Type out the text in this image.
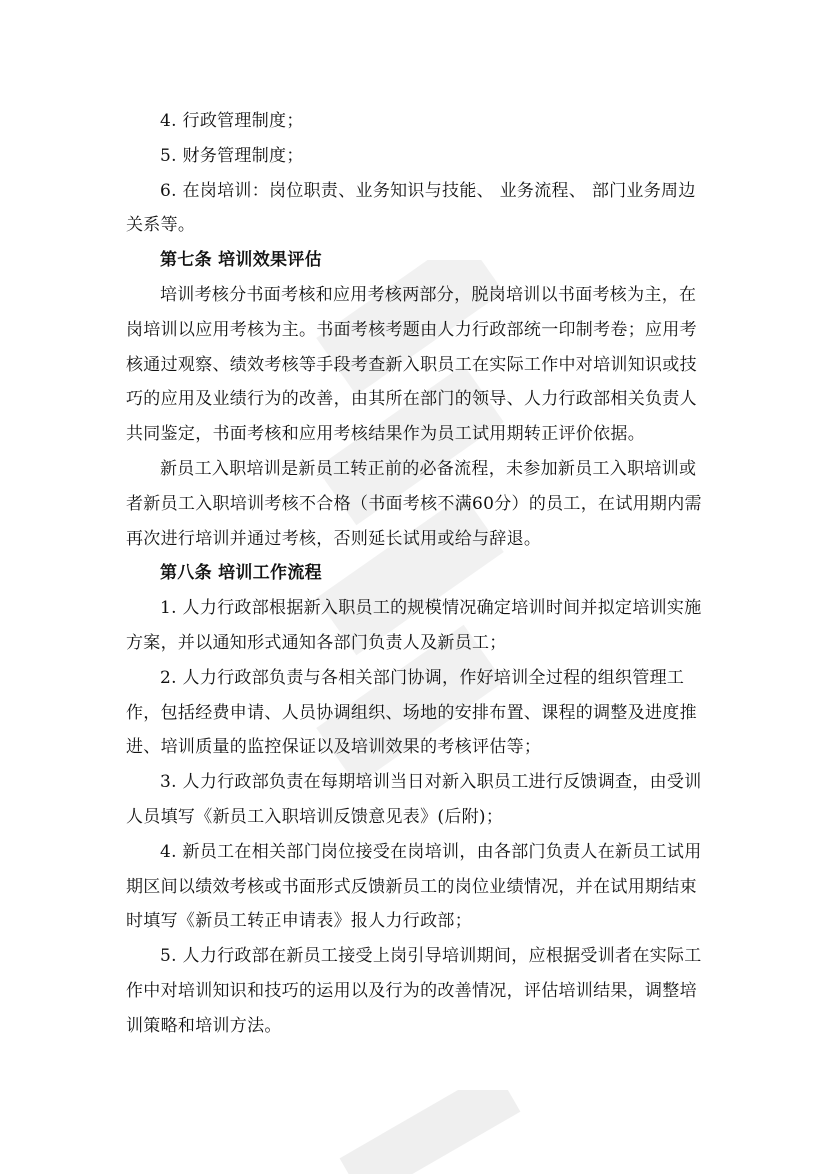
4. 行政管理制度；

5. 财务管理制度；

6. 在岗培训：岗位职责、业务知识与技能、 业务流程、 部门业务周边关系等。

第七条 培训效果评估

培训考核分书面考核和应用考核两部分，脱岗培训以书面考核为主，在岗培训以应用考核为主。书面考核考题由人力行政部统一印制考卷；应用考核通过观察、绩效考核等手段考查新入职员工在实际工作中对培训知识或技巧的应用及业绩行为的改善，由其所在部门的领导、人力行政部相关负责人共同鉴定，书面考核和应用考核结果作为员工试用期转正评价依据。

新员工入职培训是新员工转正前的必备流程，未参加新员工入职培训或者新员工入职培训考核不合格（书面考核不满60分）的员工，在试用期内需再次进行培训并通过考核，否则延长试用或给与辞退。

第八条 培训工作流程

1. 人力行政部根据新入职员工的规模情况确定培训时间并拟定培训实施方案，并以通知形式通知各部门负责人及新员工；

2. 人力行政部负责与各相关部门协调，作好培训全过程的组织管理工作，包括经费申请、人员协调组织、场地的安排布置、课程的调整及进度推进、培训质量的监控保证以及培训效果的考核评估等；

3. 人力行政部负责在每期培训当日对新入职员工进行反馈调查，由受训人员填写《新员工入职培训反馈意见表》(后附)；

4. 新员工在相关部门岗位接受在岗培训，由各部门负责人在新员工试用期区间以绩效考核或书面形式反馈新员工的岗位业绩情况，并在试用期结束时填写《新员工转正申请表》报人力行政部；

5. 人力行政部在新员工接受上岗引导培训期间，应根据受训者在实际工作中对培训知识和技巧的运用以及行为的改善情况，评估培训结果，调整培训策略和培训方法。
